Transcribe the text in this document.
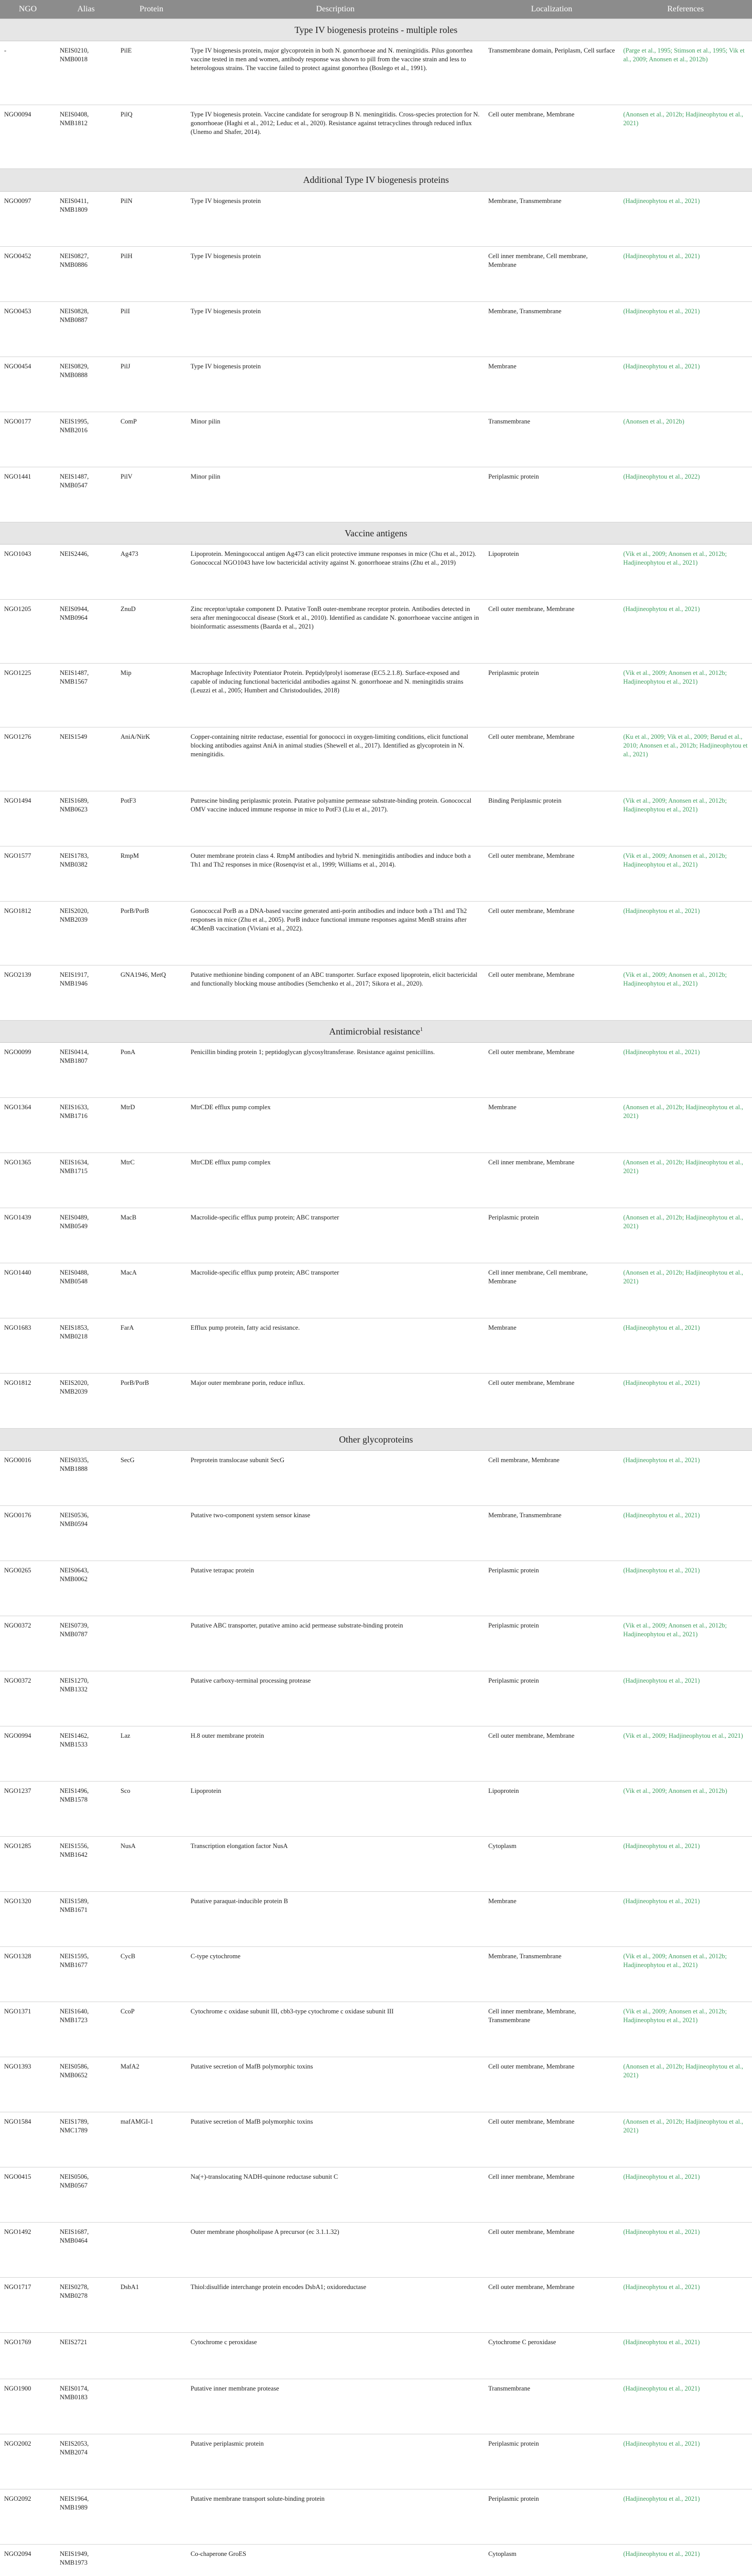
NGO	Alias	Protein	Description	Localization	References
Type IV biogenesis proteins - multiple roles					
-	NEIS0210, NMB0018	PilE	Type IV biogenesis protein, major glycoprotein in both N. gonorrhoeae and N. meningitidis. Pilus gonorrhea vaccine tested in men and women, antibody response was shown to pill from the vaccine strain and less to heterologous strains. The vaccine failed to protect against gonorrhea (Boslego et al., 1991).	Transmembrane domain, Periplasm, Cell surface	(Parge et al., 1995; Stimson et al., 1995; Vik et al., 2009; Anonsen et al., 2012b)
NGO0094	NEIS0408, NMB1812	PilQ	Type IV biogenesis protein. Vaccine candidate for serogroup B N. meningitidis. Cross-species protection for N. gonorrhoeae (Haghi et al., 2012; Leduc et al., 2020). Resistance against tetracyclines through reduced influx (Unemo and Shafer, 2014).	Cell outer membrane, Membrane	(Anonsen et al., 2012b; Hadjineophytou et al., 2021)
Additional Type IV biogenesis proteins					
NGO0097	NEIS0411, NMB1809	PilN	Type IV biogenesis protein	Membrane, Transmembrane	(Hadjineophytou et al., 2021)
NGO0452	NEIS0827, NMB0886	PilH	Type IV biogenesis protein	Cell inner membrane, Cell membrane, Membrane	(Hadjineophytou et al., 2021)
NGO0453	NEIS0828, NMB0887	PilI	Type IV biogenesis protein	Membrane, Transmembrane	(Hadjineophytou et al., 2021)
NGO0454	NEIS0829, NMB0888	PilJ	Type IV biogenesis protein	Membrane	(Hadjineophytou et al., 2021)
NGO0177	NEIS1995, NMB2016	ComP	Minor pilin	Transmembrane	(Anonsen et al., 2012b)
NGO1441	NEIS1487, NMB0547	PilV	Minor pilin	Periplasmic protein	(Hadjineophytou et al., 2022)
Vaccine antigens					
NGO1043	NEIS2446,	Ag473	Lipoprotein. Meningococcal antigen Ag473 can elicit protective immune responses in mice (Chu et al., 2012). Gonococcal NGO1043 have low bactericidal activity against N. gonorrhoeae strains (Zhu et al., 2019)	Lipoprotein	(Vik et al., 2009; Anonsen et al., 2012b; Hadjineophytou et al., 2021)
NGO1205	NEIS0944, NMB0964	ZnuD	Zinc receptor/uptake component D. Putative TonB outer-membrane receptor protein. Antibodies detected in sera after meningococcal disease (Stork et al., 2010). Identified as candidate N. gonorrhoeae vaccine antigen in bioinformatic assessments (Baarda et al., 2021)	Cell outer membrane, Membrane	(Hadjineophytou et al., 2021)
NGO1225	NEIS1487, NMB1567	Mip	Macrophage Infectivity Potentiator Protein. Peptidylprolyl isomerase (EC5.2.1.8). Surface-exposed and capable of inducing functional bactericidal antibodies against N. gonorrhoeae and N. meningitidis strains (Leuzzi et al., 2005; Humbert and Christodoulides, 2018)	Periplasmic protein	(Vik et al., 2009; Anonsen et al., 2012b; Hadjineophytou et al., 2021)
NGO1276	NEIS1549	AniA/NirK	Copper-containing nitrite reductase, essential for gonococci in oxygen-limiting conditions, elicit functional blocking antibodies against AniA in animal studies (Shewell et al., 2017). Identified as glycoprotein in N. meningitidis.	Cell outer membrane, Membrane	(Ku et al., 2009; Vik et al., 2009; Børud et al., 2010; Anonsen et al., 2012b; Hadjineophytou et al., 2021)
NGO1494	NEIS1689, NMB0623	PotF3	Putrescine binding periplasmic protein. Putative polyamine permease substrate-binding protein. Gonococcal OMV vaccine induced immune response in mice to PotF3 (Liu et al., 2017).	Binding Periplasmic protein	(Vik et al., 2009; Anonsen et al., 2012b; Hadjineophytou et al., 2021)
NGO1577	NEIS1783, NMB0382	RmpM	Outer membrane protein class 4. RmpM antibodies and hybrid N. meningitidis antibodies and induce both a Th1 and Th2 responses in mice (Rosenqvist et al., 1999; Williams et al., 2014).	Cell outer membrane, Membrane	(Vik et al., 2009; Anonsen et al., 2012b; Hadjineophytou et al., 2021)
NGO1812	NEIS2020, NMB2039	PorB/PorB	Gonococcal PorB as a DNA-based vaccine generated anti-porin antibodies and induce both a Th1 and Th2 responses in mice (Zhu et al., 2005). PorB induce functional immune responses against MenB strains after 4CMenB vaccination (Viviani et al., 2022).	Cell outer membrane, Membrane	(Hadjineophytou et al., 2021)
NGO2139	NEIS1917, NMB1946	GNA1946, MetQ	Putative methionine binding component of an ABC transporter. Surface exposed lipoprotein, elicit bactericidal and functionally blocking mouse antibodies (Semchenko et al., 2017; Sikora et al., 2020).	Cell outer membrane, Membrane	(Vik et al., 2009; Anonsen et al., 2012b; Hadjineophytou et al., 2021)
Antimicrobial resistance$^1$
NGO0099	NEIS0414, NMB1807	PonA	Penicillin binding protein 1; peptidoglycan glycosyltransferase. Resistance against penicillins.	Cell outer membrane, Membrane	(Hadjineophytou et al., 2021)
NGO1364	NEIS1633, NMB1716	MtrD	MtrCDE efflux pump complex	Membrane	(Anonsen et al., 2012b; Hadjineophytou et al., 2021)
NGO1365	NEIS1634, NMB1715	MtrC	MtrCDE efflux pump complex	Cell inner membrane, Membrane	(Anonsen et al., 2012b; Hadjineophytou et al., 2021)
NGO1439	NEIS0489, NMB0549	MacB	Macrolide-specific efflux pump protein; ABC transporter	Periplasmic protein	(Anonsen et al., 2012b; Hadjineophytou et al., 2021)
NGO1440	NEIS0488, NMB0548	MacA	Macrolide-specific efflux pump protein; ABC transporter	Cell inner membrane, Cell membrane, Membrane	(Anonsen et al., 2012b; Hadjineophytou et al., 2021)
NGO1683	NEIS1853, NMB0218	FarA	Efflux pump protein, fatty acid resistance.	Membrane	(Hadjineophytou et al., 2021)
NGO1812	NEIS2020, NMB2039	PorB/PorB	Major outer membrane porin, reduce influx.	Cell outer membrane, Membrane	(Hadjineophytou et al., 2021)
Other glycoproteins					
NGO0016	NEIS0335, NMB1888	SecG	Preprotein translocase subunit SecG	Cell membrane, Membrane	(Hadjineophytou et al., 2021)
NGO0176	NEIS0536, NMB0594		Putative two-component system sensor kinase	Membrane, Transmembrane	(Hadjineophytou et al., 2021)
NGO0265	NEIS0643, NMB0062		Putative tetrapac protein	Periplasmic protein	(Hadjineophytou et al., 2021)
NGO0372	NEIS0739, NMB0787		Putative ABC transporter, putative amino acid permease substrate-binding protein	Periplasmic protein	(Vik et al., 2009; Anonsen et al., 2012b; Hadjineophytou et al., 2021)
NGO0372	NEIS1270, NMB1332		Putative carboxy-terminal processing protease	Periplasmic protein	(Hadjineophytou et al., 2021)
NGO0994	NEIS1462, NMB1533	Laz	H.8 outer membrane protein	Cell outer membrane, Membrane	(Vik et al., 2009; Hadjineophytou et al., 2021)
NGO1237	NEIS1496, NMB1578	Sco	Lipoprotein	Lipoprotein	(Vik et al., 2009; Anonsen et al., 2012b)
NGO1285	NEIS1556, NMB1642	NusA	Transcription elongation factor NusA	Cytoplasm	(Hadjineophytou et al., 2021)
NGO1320	NEIS1589, NMB1671		Putative paraquat-inducible protein B	Membrane	(Hadjineophytou et al., 2021)
NGO1328	NEIS1595, NMB1677	CycB	C-type cytochrome	Membrane, Transmembrane	(Vik et al., 2009; Anonsen et al., 2012b; Hadjineophytou et al., 2021)
NGO1371	NEIS1640, NMB1723	CcoP	Cytochrome c oxidase subunit III, cbb3-type cytochrome c oxidase subunit III	Cell inner membrane, Membrane, Transmembrane	(Vik et al., 2009; Anonsen et al., 2012b; Hadjineophytou et al., 2021)
NGO1393	NEIS0586, NMB0652	MafA2	Putative secretion of MafB polymorphic toxins	Cell outer membrane, Membrane	(Anonsen et al., 2012b; Hadjineophytou et al., 2021)
NGO1584	NEIS1789, NMC1789	mafAMGI-1	Putative secretion of MafB polymorphic toxins	Cell outer membrane, Membrane	(Anonsen et al., 2012b; Hadjineophytou et al., 2021)
NGO0415	NEIS0506, NMB0567		Na(+)-translocating NADH-quinone reductase subunit C	Cell inner membrane, Membrane	(Hadjineophytou et al., 2021)
NGO1492	NEIS1687, NMB0464		Outer membrane phospholipase A precursor (ec 3.1.1.32)	Cell outer membrane, Membrane	(Hadjineophytou et al., 2021)
NGO1717	NEIS0278, NMB0278	DsbA1	Thiol:disulfide interchange protein encodes DsbA1; oxidoreductase	Cell outer membrane, Membrane	(Hadjineophytou et al., 2021)
NGO1769	NEIS2721		Cytochrome c peroxidase	Cytochrome C peroxidase	(Hadjineophytou et al., 2021)
NGO1900	NEIS0174, NMB0183		Putative inner membrane protease	Transmembrane	(Hadjineophytou et al., 2021)
NGO2002	NEIS2053, NMB2074		Putative periplasmic protein	Periplasmic protein	(Hadjineophytou et al., 2021)
NGO2092	NEIS1964, NMB1989		Putative membrane transport solute-binding protein	Periplasmic protein	(Hadjineophytou et al., 2021)
NGO2094	NEIS1949, NMB1973		Co-chaperone GroES	Cytoplasm	(Hadjineophytou et al., 2021)
